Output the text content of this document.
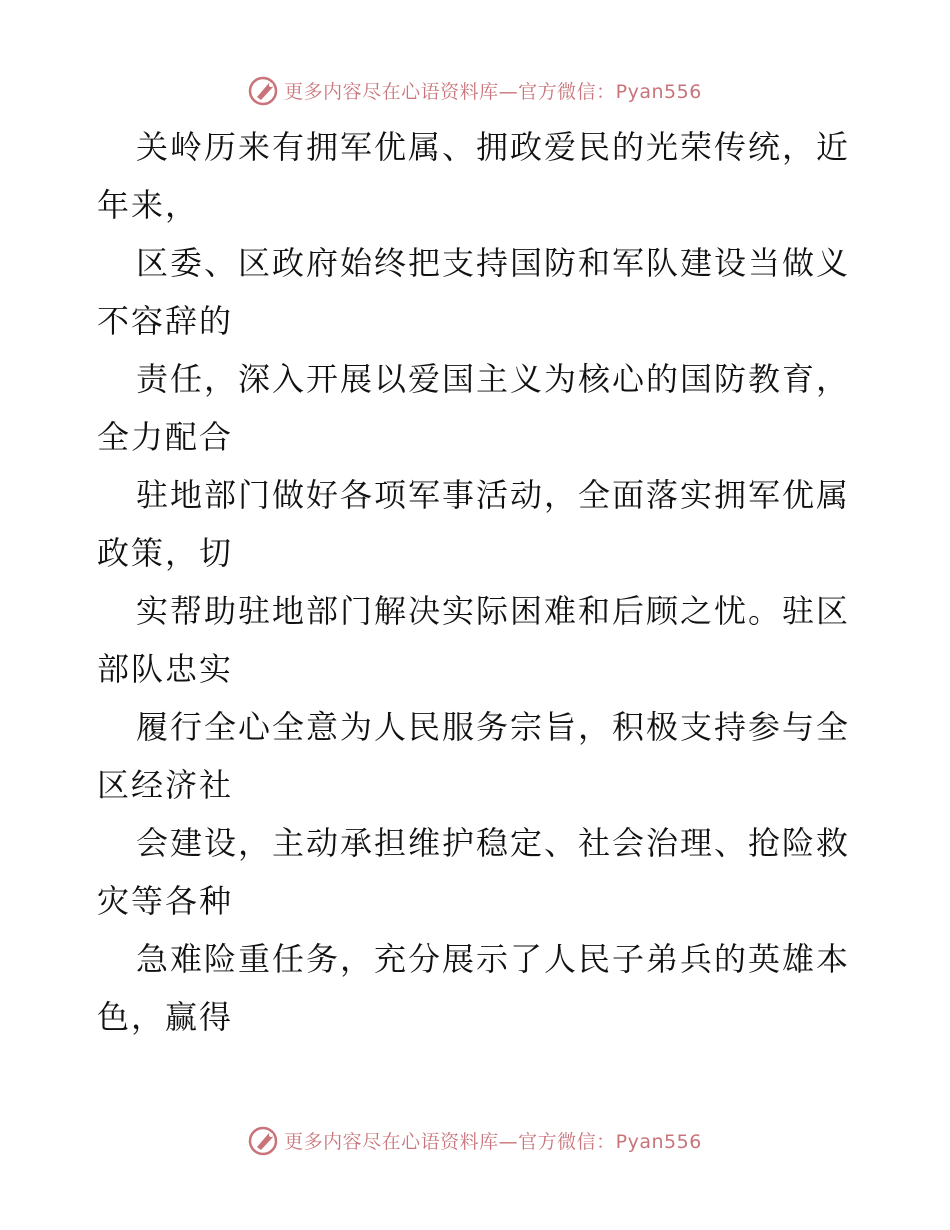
更多内容尽在心语资料库—官方微信：Pyan556
关岭历来有拥军优属、拥政爱民的光荣传统，近
年来，
区委、区政府始终把支持国防和军队建设当做义
不容辞的
责任，深入开展以爱国主义为核心的国防教育，
全力配合
驻地部门做好各项军事活动，全面落实拥军优属
政策，切
实帮助驻地部门解决实际困难和后顾之忧。驻区
部队忠实
履行全心全意为人民服务宗旨，积极支持参与全
区经济社
会建设，主动承担维护稳定、社会治理、抢险救
灾等各种
急难险重任务，充分展示了人民子弟兵的英雄本
色，赢得
更多内容尽在心语资料库—官方微信：Pyan556
